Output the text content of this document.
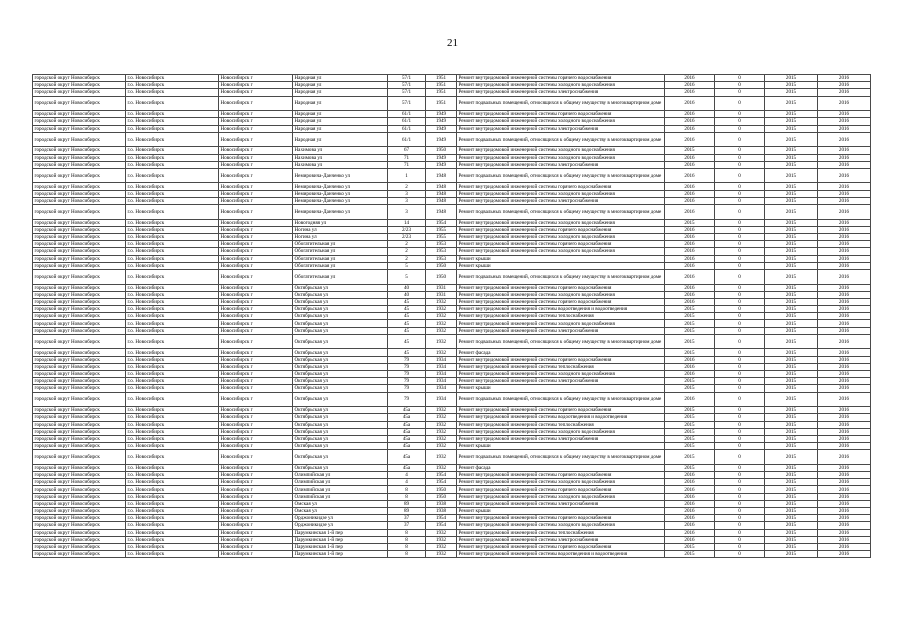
21
городской округ Новосибирск	г.о. Новосибирск	Новосибирск г	Народная ул	57/1	1951	Ремонт внутридомовой инженерной системы горячего водоснабжения	2016	0	2015	2016
городской округ Новосибирск	г.о. Новосибирск	Новосибирск г	Народная ул	57/1	1951	Ремонт внутридомовой инженерной системы холодного водоснабжения	2016	0	2015	2016
городской округ Новосибирск	г.о. Новосибирск	Новосибирск г	Народная ул	57/1	1951	Ремонт внутридомовой инженерной системы электроснабжения	2016	0	2015	2016
городской округ Новосибирск	г.о. Новосибирск	Новосибирск г	Народная ул	57/1	1951	Ремонт подвальных помещений, относящихся к общему имуществу в многоквартирном доме	2016	0	2015	2016
городской округ Новосибирск	г.о. Новосибирск	Новосибирск г	Народная ул	61/1	1949	Ремонт внутридомовой инженерной системы горячего водоснабжения	2016	0	2015	2016
городской округ Новосибирск	г.о. Новосибирск	Новосибирск г	Народная ул	61/1	1949	Ремонт внутридомовой инженерной системы холодного водоснабжения	2016	0	2015	2016
городской округ Новосибирск	г.о. Новосибирск	Новосибирск г	Народная ул	61/1	1949	Ремонт внутридомовой инженерной системы электроснабжения	2016	0	2015	2016
городской округ Новосибирск	г.о. Новосибирск	Новосибирск г	Народная ул	61/1	1949	Ремонт подвальных помещений, относящихся к общему имуществу в многоквартирном доме	2016	0	2015	2016
городской округ Новосибирск	г.о. Новосибирск	Новосибирск г	Нахимова ул	67	1950	Ремонт внутридомовой инженерной системы холодного водоснабжения	2015	0	2015	2016
городской округ Новосибирск	г.о. Новосибирск	Новосибирск г	Нахимова ул	71	1949	Ремонт внутридомовой инженерной системы холодного водоснабжения	2016	0	2015	2016
городской округ Новосибирск	г.о. Новосибирск	Новосибирск г	Нахимова ул	71	1949	Ремонт внутридомовой инженерной системы электроснабжения	2016	0	2015	2016
городской округ Новосибирск	г.о. Новосибирск	Новосибирск г	Немировича-Данченко ул	1	1948	Ремонт подвальных помещений, относящихся к общему имуществу в многоквартирном доме	2016	0	2015	2016
городской округ Новосибирск	г.о. Новосибирск	Новосибирск г	Немировича-Данченко ул	2	1948	Ремонт внутридомовой инженерной системы горячего водоснабжения	2016	0	2015	2016
городской округ Новосибирск	г.о. Новосибирск	Новосибирск г	Немировича-Данченко ул	3	1948	Ремонт внутридомовой инженерной системы холодного водоснабжения	2016	0	2015	2016
городской округ Новосибирск	г.о. Новосибирск	Новосибирск г	Немировича-Данченко ул	3	1948	Ремонт внутридомовой инженерной системы электроснабжения	2016	0	2015	2016
городской округ Новосибирск	г.о. Новосибирск	Новосибирск г	Немировича-Данченко ул	3	1948	Ремонт подвальных помещений, относящихся к общему имуществу в многоквартирном доме	2016	0	2015	2016
городской округ Новосибирск	г.о. Новосибирск	Новосибирск г	Новогодняя ул	14	1954	Ремонт внутридомовой инженерной системы холодного водоснабжения	2015	0	2015	2016
городской округ Новосибирск	г.о. Новосибирск	Новосибирск г	Ногина ул	2/23	1955	Ремонт внутридомовой инженерной системы горячего водоснабжения	2016	0	2015	2016
городской округ Новосибирск	г.о. Новосибирск	Новосибирск г	Ногина ул	2/23	1955	Ремонт внутридомовой инженерной системы холодного водоснабжения	2016	0	2015	2016
городской округ Новосибирск	г.о. Новосибирск	Новосибирск г	Обогатительная ул	2	1953	Ремонт внутридомовой инженерной системы горячего водоснабжения	2016	0	2015	2016
городской округ Новосибирск	г.о. Новосибирск	Новосибирск г	Обогатительная ул	2	1953	Ремонт внутридомовой инженерной системы холодного водоснабжения	2016	0	2015	2016
городской округ Новосибирск	г.о. Новосибирск	Новосибирск г	Обогатительная ул	2	1953	Ремонт крыши	2016	0	2015	2016
городской округ Новосибирск	г.о. Новосибирск	Новосибирск г	Обогатительная ул	5	1950	Ремонт крыши	2016	0	2015	2016
городской округ Новосибирск	г.о. Новосибирск	Новосибирск г	Обогатительная ул	5	1950	Ремонт подвальных помещений, относящихся к общему имуществу в многоквартирном доме	2016	0	2015	2016
городской округ Новосибирск	г.о. Новосибирск	Новосибирск г	Октябрьская ул	40	1931	Ремонт внутридомовой инженерной системы горячего водоснабжения	2016	0	2015	2016
городской округ Новосибирск	г.о. Новосибирск	Новосибирск г	Октябрьская ул	40	1931	Ремонт внутридомовой инженерной системы холодного водоснабжения	2016	0	2015	2016
городской округ Новосибирск	г.о. Новосибирск	Новосибирск г	Октябрьская ул	45	1932	Ремонт внутридомовой инженерной системы горячего водоснабжения	2016	0	2015	2016
городской округ Новосибирск	г.о. Новосибирск	Новосибирск г	Октябрьская ул	45	1932	Ремонт внутридомовой инженерной системы водоотведения и водоотведения	2015	0	2015	2016
городской округ Новосибирск	г.о. Новосибирск	Новосибирск г	Октябрьская ул	45	1932	Ремонт внутридомовой инженерной системы теплоснабжения	2015	0	2015	2016
городской округ Новосибирск	г.о. Новосибирск	Новосибирск г	Октябрьская ул	45	1932	Ремонт внутридомовой инженерной системы холодного водоснабжения	2015	0	2015	2016
городской округ Новосибирск	г.о. Новосибирск	Новосибирск г	Октябрьская ул	45	1932	Ремонт внутридомовой инженерной системы электроснабжения	2015	0	2015	2016
городской округ Новосибирск	г.о. Новосибирск	Новосибирск г	Октябрьская ул	45	1932	Ремонт подвальных помещений, относящихся к общему имуществу в многоквартирном доме	2015	0	2015	2016
городской округ Новосибирск	г.о. Новосибирск	Новосибирск г	Октябрьская ул	45	1932	Ремонт фасада	2015	0	2015	2016
городской округ Новосибирск	г.о. Новосибирск	Новосибирск г	Октябрьская ул	79	1934	Ремонт внутридомовой инженерной системы горячего водоснабжения	2016	0	2015	2016
городской округ Новосибирск	г.о. Новосибирск	Новосибирск г	Октябрьская ул	79	1934	Ремонт внутридомовой инженерной системы теплоснабжения	2016	0	2015	2016
городской округ Новосибирск	г.о. Новосибирск	Новосибирск г	Октябрьская ул	79	1934	Ремонт внутридомовой инженерной системы холодного водоснабжения	2016	0	2015	2016
городской округ Новосибирск	г.о. Новосибирск	Новосибирск г	Октябрьская ул	79	1934	Ремонт внутридомовой инженерной системы электроснабжения	2015	0	2015	2016
городской округ Новосибирск	г.о. Новосибирск	Новосибирск г	Октябрьская ул	79	1934	Ремонт крыши	2015	0	2015	2016
городской округ Новосибирск	г.о. Новосибирск	Новосибирск г	Октябрьская ул	79	1934	Ремонт подвальных помещений, относящихся к общему имуществу в многоквартирном доме	2016	0	2015	2016
городской округ Новосибирск	г.о. Новосибирск	Новосибирск г	Октябрьская ул	45а	1932	Ремонт внутридомовой инженерной системы горячего водоснабжения	2015	0	2015	2016
городской округ Новосибирск	г.о. Новосибирск	Новосибирск г	Октябрьская ул	45а	1932	Ремонт внутридомовой инженерной системы водоотведения и водоотведения	2015	0	2015	2016
городской округ Новосибирск	г.о. Новосибирск	Новосибирск г	Октябрьская ул	45а	1932	Ремонт внутридомовой инженерной системы теплоснабжения	2015	0	2015	2016
городской округ Новосибирск	г.о. Новосибирск	Новосибирск г	Октябрьская ул	45а	1932	Ремонт внутридомовой инженерной системы холодного водоснабжения	2015	0	2015	2016
городской округ Новосибирск	г.о. Новосибирск	Новосибирск г	Октябрьская ул	45а	1932	Ремонт внутридомовой инженерной системы электроснабжения	2015	0	2015	2016
городской округ Новосибирск	г.о. Новосибирск	Новосибирск г	Октябрьская ул	45а	1932	Ремонт крыши	2015	0	2015	2016
городской округ Новосибирск	г.о. Новосибирск	Новосибирск г	Октябрьская ул	45а	1932	Ремонт подвальных помещений, относящихся к общему имуществу в многоквартирном доме	2015	0	2015	2016
городской округ Новосибирск	г.о. Новосибирск	Новосибирск г	Октябрьская ул	45а	1932	Ремонт фасада	2015	0	2015	2016
городской округ Новосибирск	г.о. Новосибирск	Новосибирск г	Олимпийская ул	4	1954	Ремонт внутридомовой инженерной системы горячего водоснабжения	2016	0	2015	2016
городской округ Новосибирск	г.о. Новосибирск	Новосибирск г	Олимпийская ул	4	1954	Ремонт внутридомовой инженерной системы холодного водоснабжения	2016	0	2015	2016
городской округ Новосибирск	г.о. Новосибирск	Новосибирск г	Олимпийская ул	8	1950	Ремонт внутридомовой инженерной системы горячего водоснабжения	2016	0	2015	2016
городской округ Новосибирск	г.о. Новосибирск	Новосибирск г	Олимпийская ул	8	1950	Ремонт внутридомовой инженерной системы холодного водоснабжения	2016	0	2015	2016
городской округ Новосибирск	г.о. Новосибирск	Новосибирск г	Омская ул	89	1938	Ремонт внутридомовой инженерной системы электроснабжения	2016	0	2015	2016
городской округ Новосибирск	г.о. Новосибирск	Новосибирск г	Омская ул	89	1938	Ремонт крыши	2016	0	2015	2016
городской округ Новосибирск	г.о. Новосибирск	Новосибирск г	Орджоникидзе ул	37	1954	Ремонт внутридомовой инженерной системы горячего водоснабжения	2016	0	2015	2016
городской округ Новосибирск	г.о. Новосибирск	Новосибирск г	Орджоникидзе ул	37	1954	Ремонт внутридомовой инженерной системы холодного водоснабжения	2016	0	2015	2016
городской округ Новосибирск	г.о. Новосибирск	Новосибирск г	Парумкинская 1-й пер	8	1932	Ремонт внутридомовой инженерной системы теплоснабжения	2016	0	2015	2016
городской округ Новосибирск	г.о. Новосибирск	Новосибирск г	Парумкинская 1-й пер	8	1932	Ремонт внутридомовой инженерной системы электроснабжения	2016	0	2015	2016
городской округ Новосибирск	г.о. Новосибирск	Новосибирск г	Парумкинская 1-й пер	8	1932	Ремонт внутридомовой инженерной системы горячего водоснабжения	2015	0	2015	2016
городской округ Новосибирск	г.о. Новосибирск	Новосибирск г	Парумкинская 1-й пер	8	1932	Ремонт внутридомовой инженерной системы водоотведения и водоотведения	2015	0	2015	2016
